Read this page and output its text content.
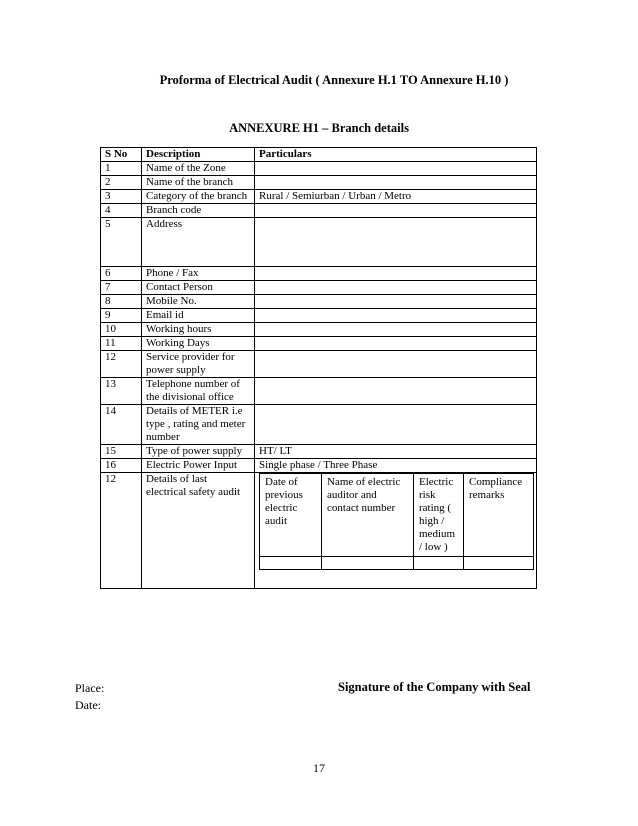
Proforma of Electrical Audit ( Annexure H.1 TO Annexure H.10 )
ANNEXURE H1 – Branch details
S No	Description	Particulars
1	Name of the Zone	
2	Name of the branch	
3	Category of the branch	Rural / Semiurban / Urban / Metro
4	Branch code	
5	Address	
6	Phone / Fax	
7	Contact Person	
8	Mobile No.	
9	Email id	
10	Working hours	
11	Working Days	
12	Service provider for power supply	
13	Telephone number of the divisional office	
14	Details of METER i.e type , rating and meter number	
15	Type of power supply	HT/ LT
16	Electric Power Input	Single phase / Three Phase
12	Details of last electrical safety audit	
Date of previous electric audit	Name of electric auditor and contact number	Electric risk rating ( high / medium / low )	Compliance remarks

Place:
Date:
Signature of the Company with Seal
17
